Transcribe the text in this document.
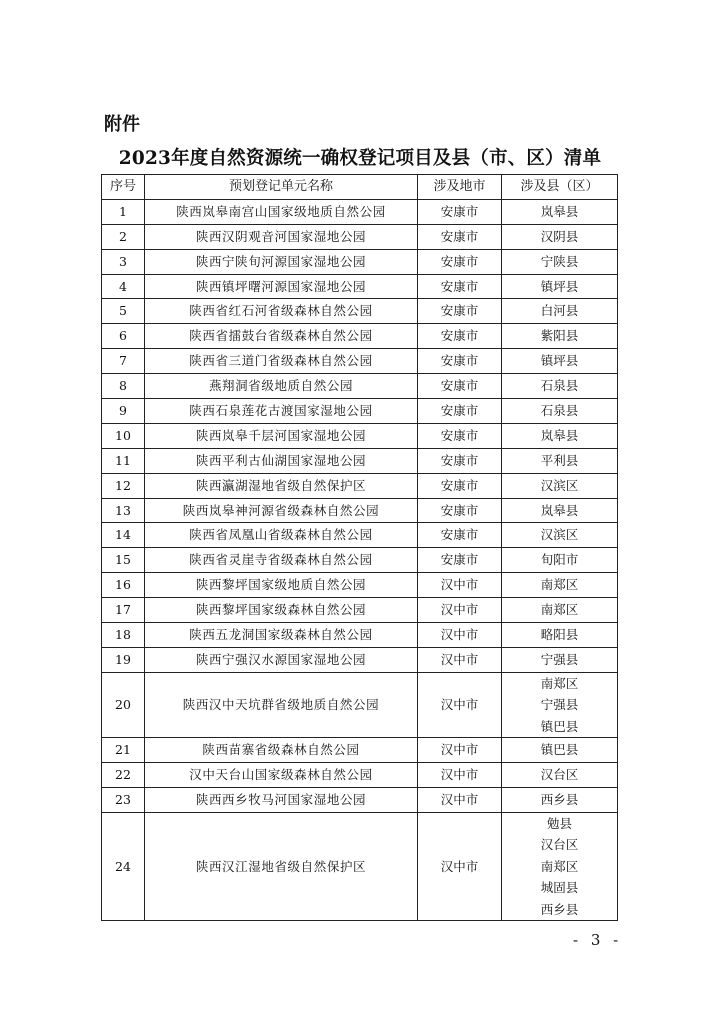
附件
2023年度自然资源统一确权登记项目及县（市、区）清单
序号	预划登记单元名称	涉及地市	涉及县（区）
1	陕西岚皋南宫山国家级地质自然公园	安康市	岚皋县

2	陕西汉阴观音河国家湿地公园	安康市	汉阴县

3	陕西宁陕旬河源国家湿地公园	安康市	宁陕县

4	陕西镇坪曙河源国家湿地公园	安康市	镇坪县

5	陕西省红石河省级森林自然公园	安康市	白河县

6	陕西省擂鼓台省级森林自然公园	安康市	紫阳县

7	陕西省三道门省级森林自然公园	安康市	镇坪县

8	燕翔洞省级地质自然公园	安康市	石泉县

9	陕西石泉莲花古渡国家湿地公园	安康市	石泉县

10	陕西岚皋千层河国家湿地公园	安康市	岚皋县

11	陕西平利古仙湖国家湿地公园	安康市	平利县

12	陕西瀛湖湿地省级自然保护区	安康市	汉滨区

13	陕西岚皋神河源省级森林自然公园	安康市	岚皋县

14	陕西省凤凰山省级森林自然公园	安康市	汉滨区

15	陕西省灵崖寺省级森林自然公园	安康市	旬阳市

16	陕西黎坪国家级地质自然公园	汉中市	南郑区

17	陕西黎坪国家级森林自然公园	汉中市	南郑区

18	陕西五龙洞国家级森林自然公园	汉中市	略阳县

19	陕西宁强汉水源国家湿地公园	汉中市	宁强县

20	陕西汉中天坑群省级地质自然公园	汉中市	南郑区
宁强县
镇巴县

21	陕西苗寨省级森林自然公园	汉中市	镇巴县

22	汉中天台山国家级森林自然公园	汉中市	汉台区

23	陕西西乡牧马河国家湿地公园	汉中市	西乡县

24	陕西汉江湿地省级自然保护区	汉中市	勉县
汉台区
南郑区
城固县
西乡县
- 3 -
